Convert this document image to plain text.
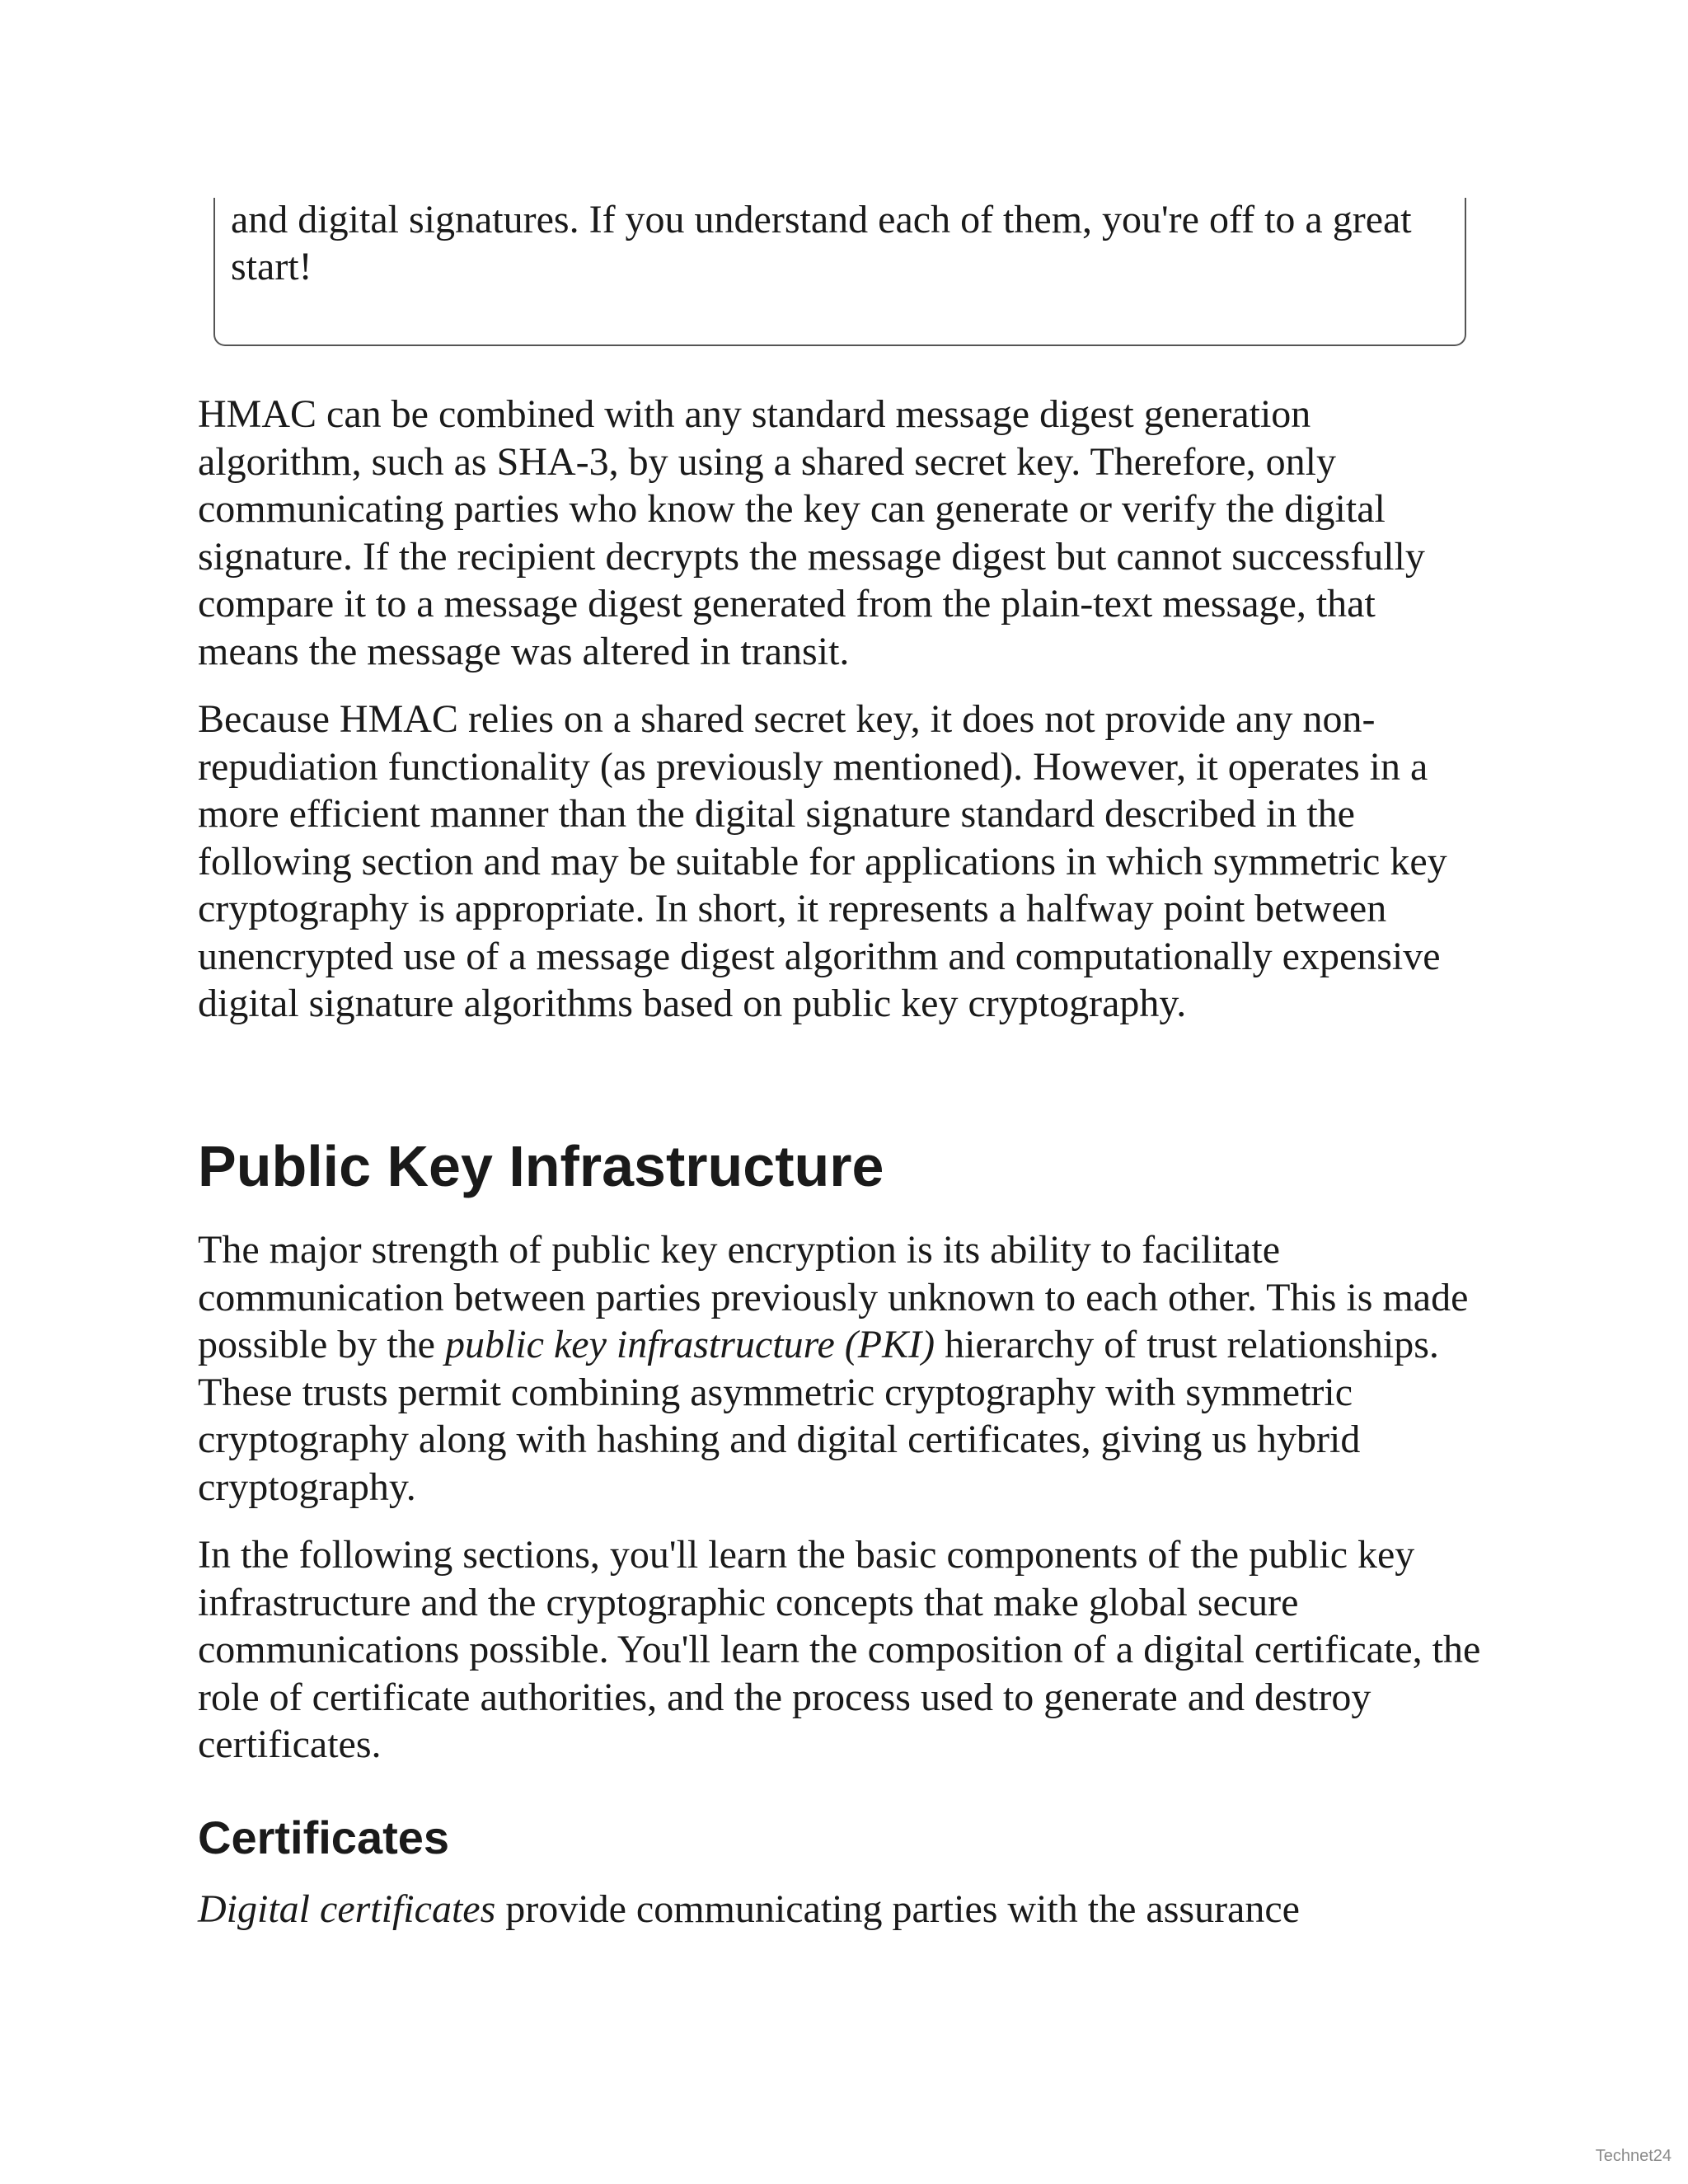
and digital signatures. If you understand each of them, you're off to a great start!

HMAC can be combined with any standard message digest generation algorithm, such as SHA-3, by using a shared secret key. Therefore, only communicating parties who know the key can generate or verify the digital signature. If the recipient decrypts the message digest but cannot successfully compare it to a message digest generated from the plain-text message, that means the message was altered in transit.

Because HMAC relies on a shared secret key, it does not provide any non-repudiation functionality (as previously mentioned). However, it operates in a more efficient manner than the digital signature standard described in the following section and may be suitable for applications in which symmetric key cryptography is appropriate. In short, it represents a halfway point between unencrypted use of a message digest algorithm and computationally expensive digital signature algorithms based on public key cryptography.

Public Key Infrastructure

The major strength of public key encryption is its ability to facilitate communication between parties previously unknown to each other. This is made possible by the public key infrastructure (PKI) hierarchy of trust relationships. These trusts permit combining asymmetric cryptography with symmetric cryptography along with hashing and digital certificates, giving us hybrid cryptography.

In the following sections, you'll learn the basic components of the public key infrastructure and the cryptographic concepts that make global secure communications possible. You'll learn the composition of a digital certificate, the role of certificate authorities, and the process used to generate and destroy certificates.

Certificates

Digital certificates provide communicating parties with the assurance

Technet24
